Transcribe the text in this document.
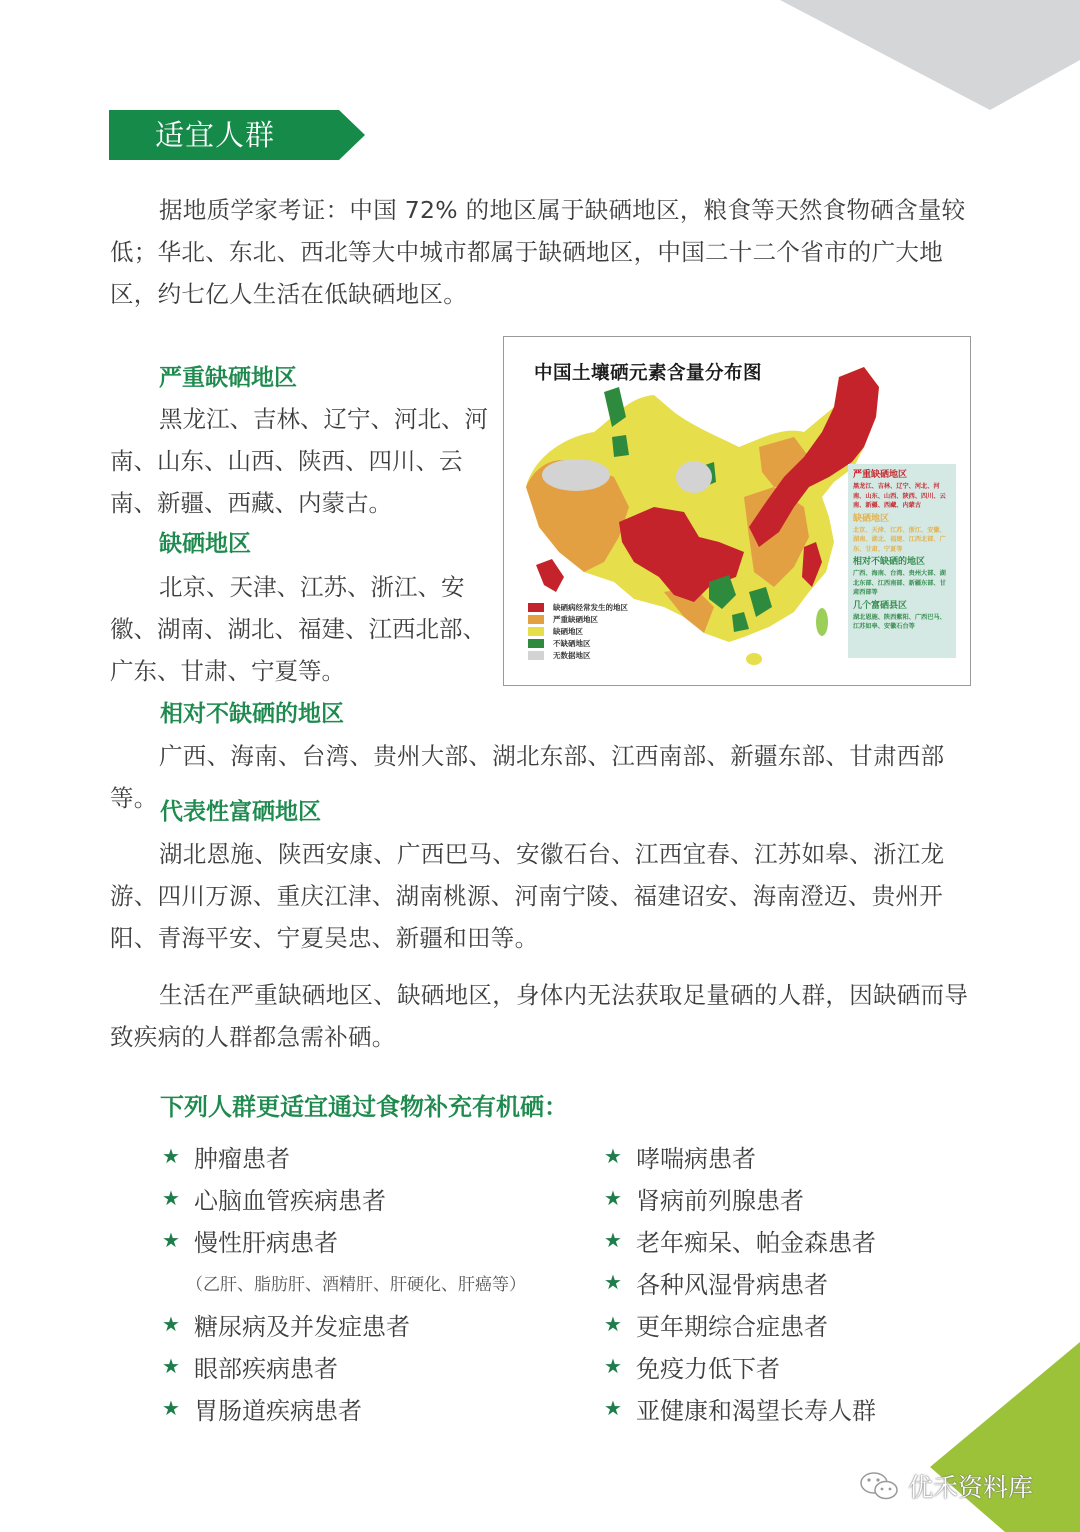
适宜人群

据地质学家考证：中国 72% 的地区属于缺硒地区，粮食等天然食物硒含量较低；华北、东北、西北等大中城市都属于缺硒地区，中国二十二个省市的广大地区，约七亿人生活在低缺硒地区。

严重缺硒地区

黑龙江、吉林、辽宁、河北、河南、山东、山西、陕西、四川、云南、新疆、西藏、内蒙古。

缺硒地区

北京、天津、江苏、浙江、安徽、湖南、湖北、福建、江西北部、广东、甘肃、宁夏等。

中国土壤硒元素含量分布图
缺硒病经常发生的地区
严重缺硒地区
缺硒地区
不缺硒地区
无数据地区
严重缺硒地区
黑龙江、吉林、辽宁、河北、河南、山东、山西、陕西、四川、云南、新疆、西藏、内蒙古
缺硒地区
北京、天津、江苏、浙江、安徽、湖南、湖北、福建、江西北部、广东、甘肃、宁夏等
相对不缺硒的地区
广西、海南、台湾、贵州大部、湖北东部、江西南部、新疆东部、甘肃西部等
几个富硒县区
湖北恩施、陕西紫阳、广西巴马、江苏如皋、安徽石台等
相对不缺硒的地区

广西、海南、台湾、贵州大部、湖北东部、江西南部、新疆东部、甘肃西部等。 代表性富硒地区

湖北恩施、陕西安康、广西巴马、安徽石台、江西宜春、江苏如皋、浙江龙游、四川万源、重庆江津、湖南桃源、河南宁陵、福建诏安、海南澄迈、贵州开阳、青海平安、宁夏吴忠、新疆和田等。

生活在严重缺硒地区、缺硒地区，身体内无法获取足量硒的人群，因缺硒而导致疾病的人群都急需补硒。

下列人群更适宜通过食物补充有机硒：
★ 肿瘤患者
★ 心脑血管疾病患者
★ 慢性肝病患者
（乙肝、脂肪肝、酒精肝、肝硬化、肝癌等）
★ 糖尿病及并发症患者
★ 眼部疾病患者
★ 胃肠道疾病患者
★ 哮喘病患者
★ 肾病前列腺患者
★ 老年痴呆、帕金森患者
★ 各种风湿骨病患者
★ 更年期综合症患者
★ 免疫力低下者
★ 亚健康和渴望长寿人群
优禾资料库
